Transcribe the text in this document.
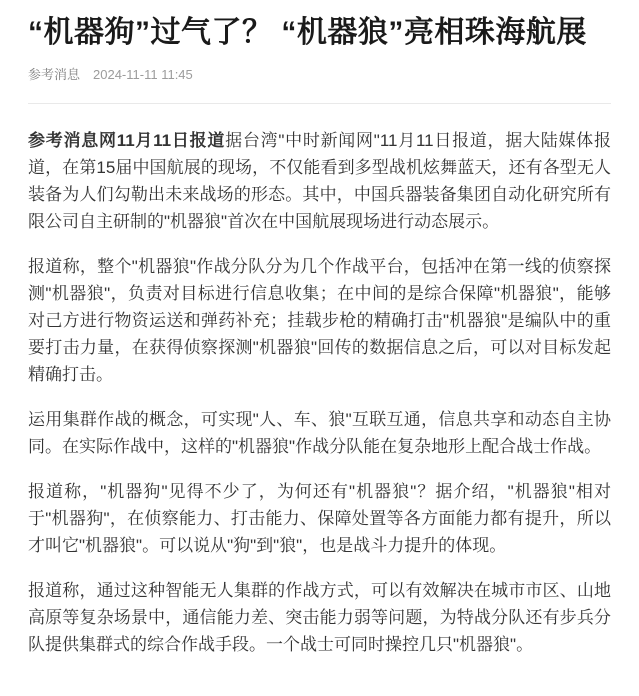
“机器狗”过气了？ “机器狼”亮相珠海航展
参考消息 2024-11-11 11:45

参考消息网11月11日报道据台湾"中时新闻网"11月11日报道，据大陆媒体报道，在第15届中国航展的现场，不仅能看到多型战机炫舞蓝天，还有各型无人装备为人们勾勒出未来战场的形态。其中，中国兵器装备集团自动化研究所有限公司自主研制的"机器狼"首次在中国航展现场进行动态展示。

报道称，整个"机器狼"作战分队分为几个作战平台，包括冲在第一线的侦察探测"机器狼"，负责对目标进行信息收集；在中间的是综合保障"机器狼"，能够对己方进行物资运送和弹药补充；挂载步枪的精确打击"机器狼"是编队中的重要打击力量，在获得侦察探测"机器狼"回传的数据信息之后，可以对目标发起精确打击。

运用集群作战的概念，可实现"人、车、狼"互联互通，信息共享和动态自主协同。在实际作战中，这样的"机器狼"作战分队能在复杂地形上配合战士作战。

报道称，"机器狗"见得不少了，为何还有"机器狼"？据介绍，"机器狼"相对于"机器狗"，在侦察能力、打击能力、保障处置等各方面能力都有提升，所以才叫它"机器狼"。可以说从"狗"到"狼"，也是战斗力提升的体现。

报道称，通过这种智能无人集群的作战方式，可以有效解决在城市市区、山地高原等复杂场景中，通信能力差、突击能力弱等问题，为特战分队还有步兵分队提供集群式的综合作战手段。一个战士可同时操控几只"机器狼"。
